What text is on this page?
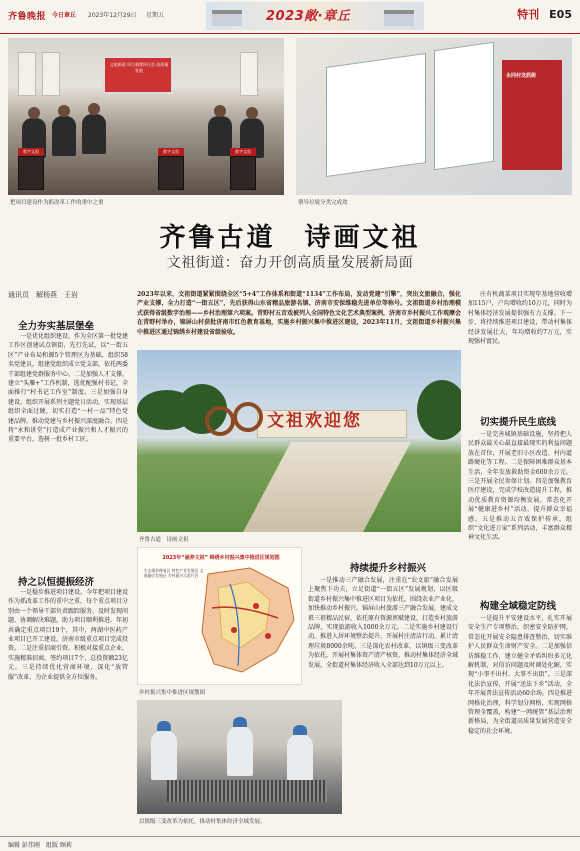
齐鲁晚报 今日章丘 2023年12月29日 星期五	2023敞·章丘	特刊 E05
文祖街道 项目观摩评议会 高质量发展
数字文祖	数字文祖	数字文祖
把项目建设作为抓改革工作的重中之重
永同村龙抓街
偎导垃圾分类完成效
齐鲁古道　诗画文祖
文祖街道：奋力开创高质量发展新局面
通讯员　解杨燕　王岩	2023年以来，文祖街道紧紧围绕全区“5+4”工作体系和街道“1134”工作布局，发动党建“引擎”，突出文旅融合，强化产业支撑，全力打造“一街五区”，先后获得山东省精品旅游名镇、济南市安保维稳先进单位等称号。文祖街道乡村治理模式获得省级数字治理——乡村治理第六项案。青野村五音戏被列入全国特色文化艺术典型案例，济南市乡村振兴工作观摩会在青野村举办，锦屏山村获批济南市红色教育基地，实施乡村振兴集中推进区建设，2023年11月，文祖街道乡村振兴集中推进区通过锦绣乡村建设省级验收。
全力夯实基层堡垒

一是优化组织建设，作为全区第一批党建工作区创建试点镇街，先行先试，以“一街五区”产业布局和源5个管理区为基础，组织58名党建员，组建党组织成立党支部，依托两委干部组建党群服务中心。二是加强人才支撑，建立“头雁+”工作机制，选优配强村书记，全面推行“村书记工作室”制度。三是加强自身建设，组织开展系列主题党日活动，实现基层组织全面过硬，切实打造“一村一品”特色党建品牌，推动党建与乡村振兴深度融合。四是将“永和讲堂”打造成产业振兴和人才振兴的重要平台，选树一批乡村工匠。

持之以恒提振经济

一是稳步推进项目建设。今年把项目建设作为抓改革工作的重中之重，每个重点项目分别由一个领导干部负责跟踪服务，及时发现问题、协调解决难题，助力项目顺利推进。年初共确定重点项目19个，其中，两湖中医药产业项目已开工建设，济南市级重点项目完成投资。二是注重招商引资。积极对接重点企业，实施精准招商，签约项目7个，总投资额23亿元。三是持续优化营商环境，深化“放管服”改革，为企业提供全方位服务。

文祖欢迎您
齐鲁古道　诗画文祖
2023年“涵养文祖” 锦绣乡村振兴集中推进区规划图
生态保护修复区 特色产业发展区 文旅融合发展区 乡村振兴示范片区
乡村振兴集中推进区规划图
以镇级三变改革为依托，推动村集体经济全域发展。
持续提升乡村振兴

一是推动三产融合发展，注重在“农文旅”融合发展上聚焦下功夫，立足街道“一街五区”发展规划，以区级街道乡村振兴集中推进区项目为依托，围绕农业产业化，加快推动乡村振兴。锦屏山村旅游三产融合发展，建成文祖三祖精品民宿，依托原有资源禀赋建设，打造乡村旅游品牌，实现旅游收入1000余万元。二是实施乡村建设行动，推进人居环境整治提升，开展村庄清洁行动，累计清理垃圾8000余吨。三是深化农村改革，以镇级三变改革为依托，开展村集体资产清产核资，推动村集体经济全域发展，全街道村集体经济收入全部达到10万元以上。

庄有机蔬菜项目实现年基地营收增加115户，户均增收约10万元，同时为村集体经济发展提供强有力支撑。下一步，将持续推进项目建设，带动村集体经济发展壮大，年均增收约7万元，实现强村富民。

切实提升民生底线

一是完善城镇基础设施，坚持把人民群众最关心最直接最现实的利益问题放在首位，开展老旧小区改造、村内道路硬化等工程。二是保障困难群众基本生活，全年发放救助资金600余万元。三是开展全民参保计划。四是加强教育医疗建设，完成学校改造提升工程，推动优质教育资源均衡发展，常态化开展“健康进乡村”活动，提升群众幸福感。五是推动五音戏保护传承，组织“文化进万家”系列活动，丰富群众精神文化生活。

构建全域稳定防线

一是提升平安建设水平，扎实开展安全生产专项整治，织密安全防护网，常态化开展安全隐患排查整治，切实维护人民群众生命财产安全。二是加强信访维稳工作，建立健全矛盾纠纷多元化解机制，对信访问题及时调处化解，实现“小事不出村、大事不出街”。三是深化法治宣传，开展“送法下乡”活动，全年开展普法宣传活动60余场。四是推进网格化治理，科学划分网格，实现网格管理全覆盖，构建“一网统管”基层治理新格局，为全街道高质量发展营造安全稳定的社会环境。

编辑 彭伟刚　组版 顾莉
